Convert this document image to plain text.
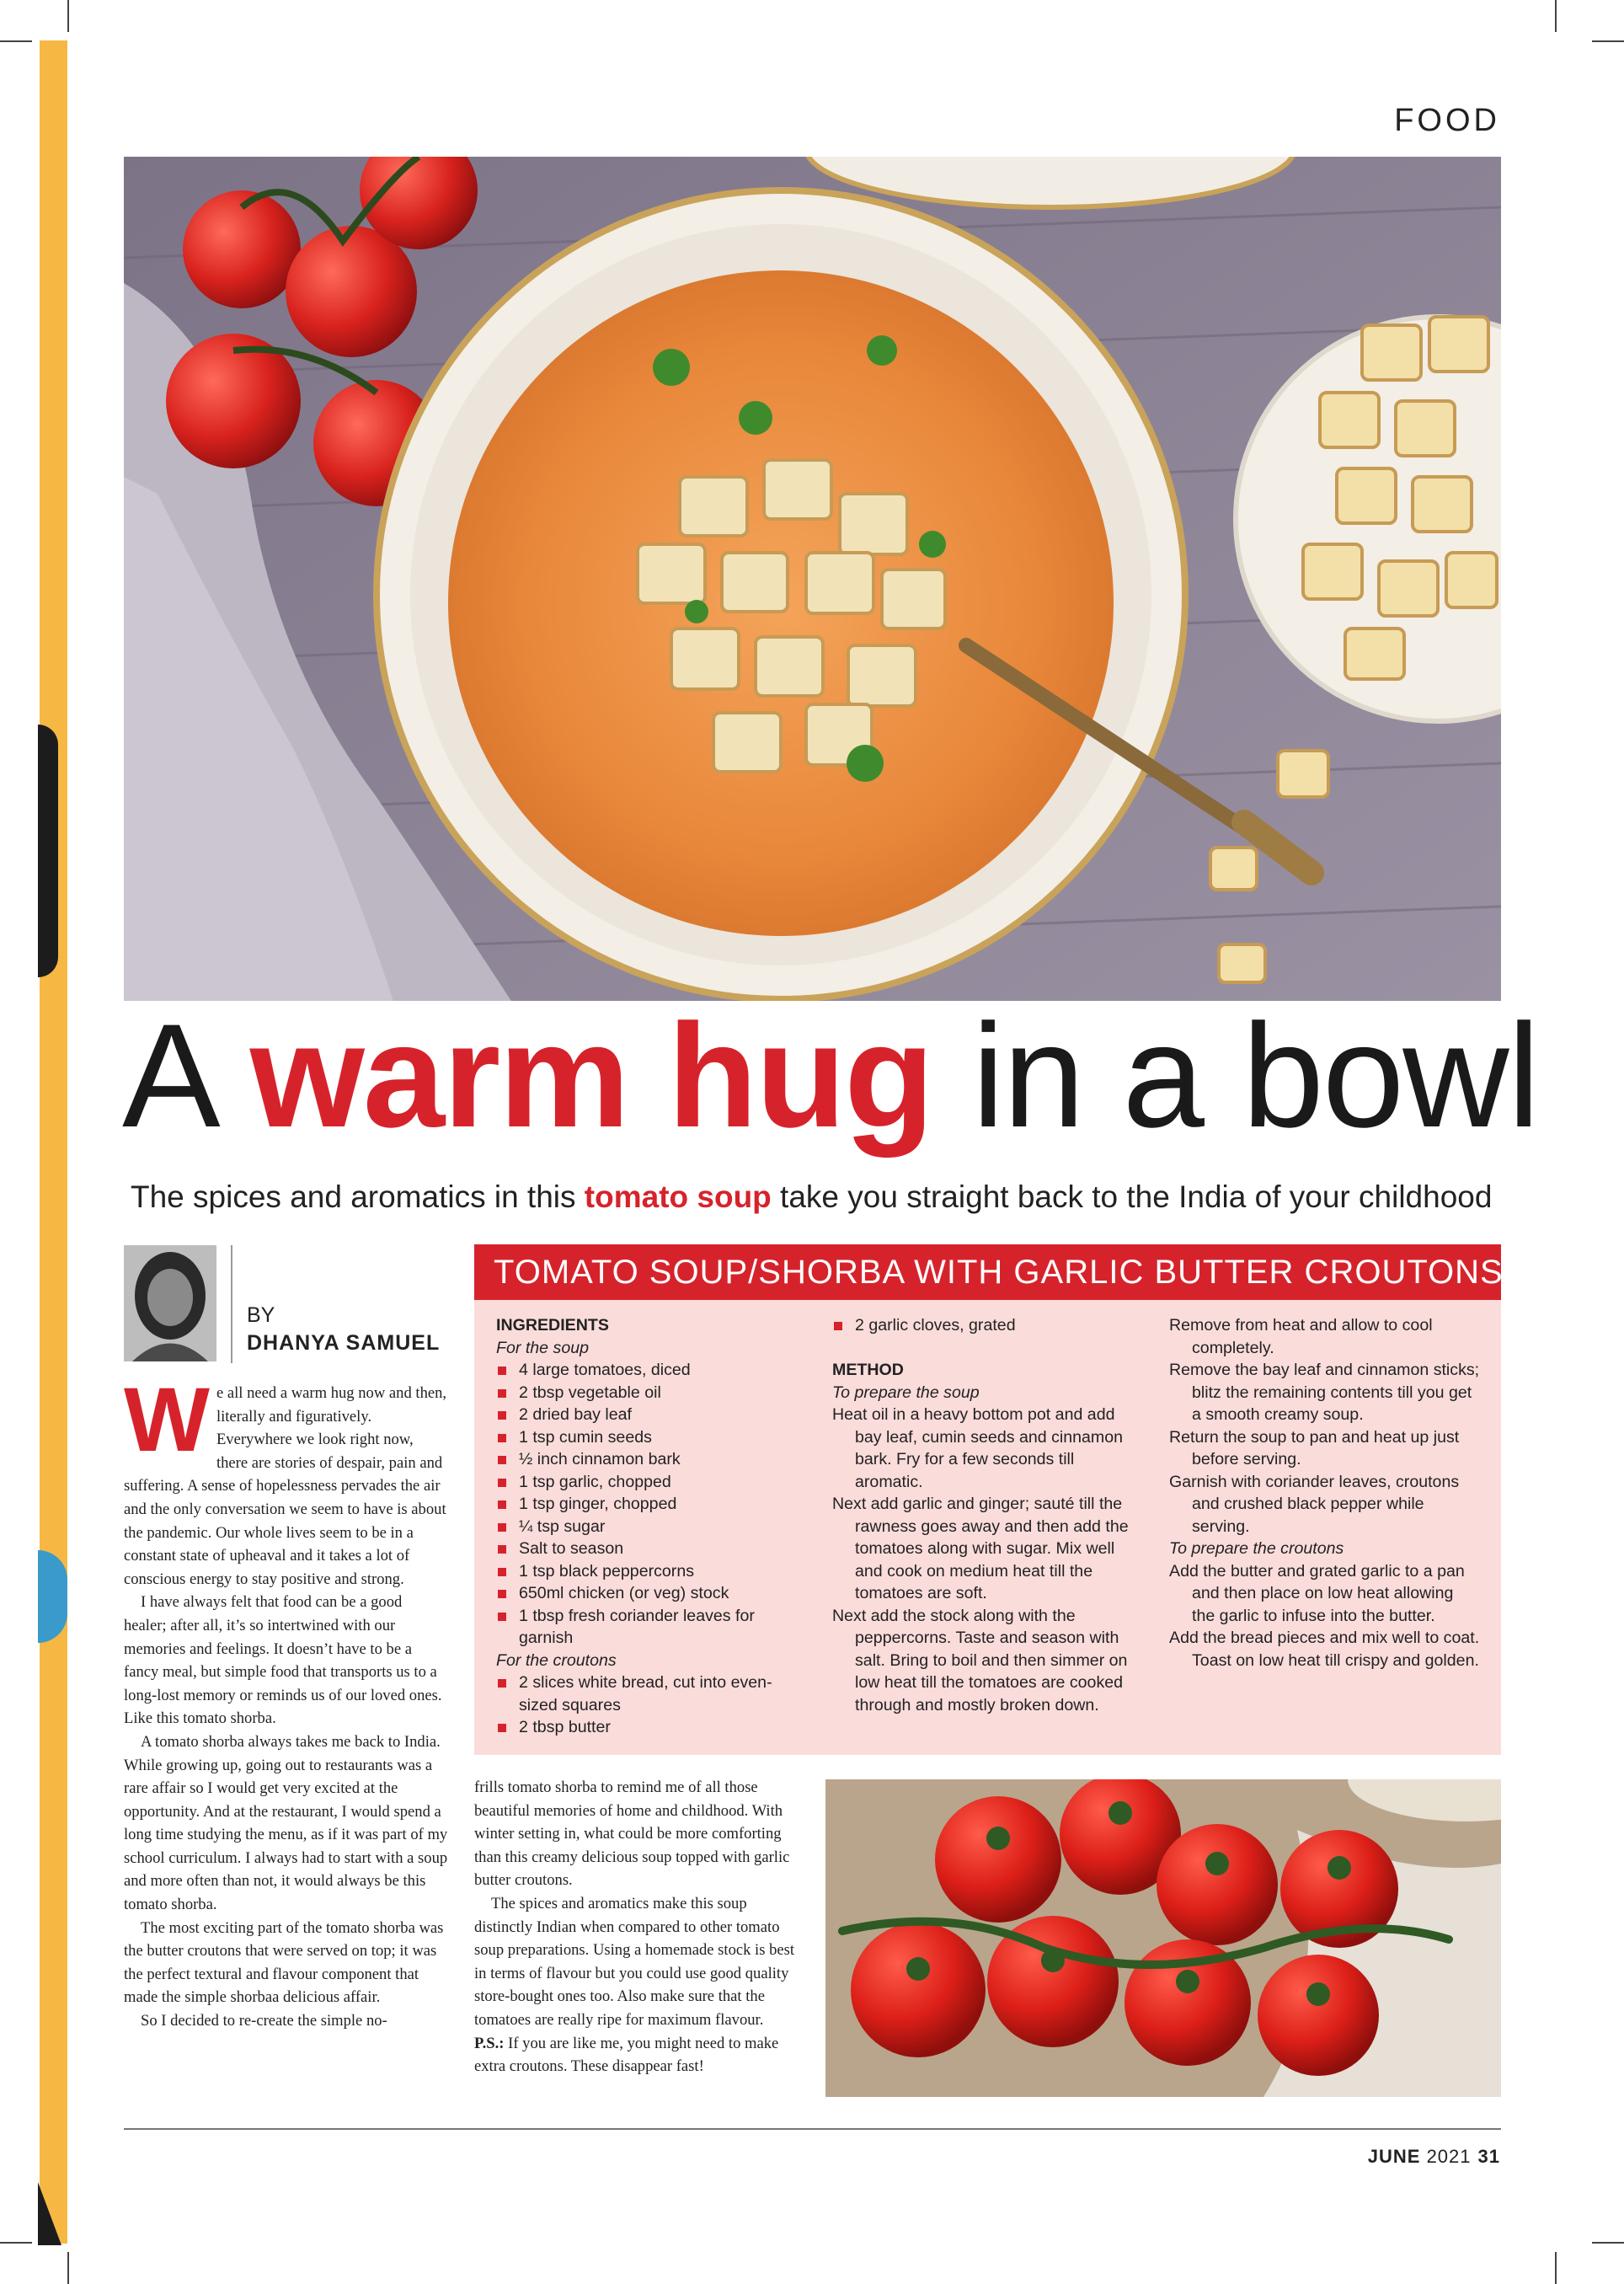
FOOD
A warm hug in a bowl
The spices and aromatics in this tomato soup take you straight back to the India of your childhood
BY
DHANYA SAMUEL

We all need a warm hug now and then, literally and figuratively. Everywhere we look right now, there are stories of despair, pain and suffering. A sense of hopelessness pervades the air and the only conversation we seem to have is about the pandemic. Our whole lives seem to be in a constant state of upheaval and it takes a lot of conscious energy to stay positive and strong.

I have always felt that food can be a good healer; after all, it’s so intertwined with our memories and feelings. It doesn’t have to be a fancy meal, but simple food that transports us to a long-lost memory or reminds us of our loved ones. Like this tomato shorba.

A tomato shorba always takes me back to India. While growing up, going out to restaurants was a rare affair so I would get very excited at the opportunity. And at the restaurant, I would spend a long time studying the menu, as if it was part of my school curriculum. I always had to start with a soup and more often than not, it would always be this tomato shorba.

The most exciting part of the tomato shorba was the butter croutons that were served on top; it was the perfect textural and flavour component that made the simple shorbaa delicious affair.

So I decided to re-create the simple no-

frills tomato shorba to remind me of all those beautiful memories of home and childhood. With winter setting in, what could be more comforting than this creamy delicious soup topped with garlic butter croutons.

The spices and aromatics make this soup distinctly Indian when compared to other tomato soup preparations. Using a homemade stock is best in terms of flavour but you could use good quality store-bought ones too. Also make sure that the tomatoes are really ripe for maximum flavour.

P.S.: If you are like me, you might need to make extra croutons. These disappear fast!

TOMATO SOUP/SHORBA WITH GARLIC BUTTER CROUTONS
INGREDIENTS
For the soup
4 large tomatoes, diced
2 tbsp vegetable oil
2 dried bay leaf
1 tsp cumin seeds
½ inch cinnamon bark
1 tsp garlic, chopped
1 tsp ginger, chopped
¼ tsp sugar
Salt to season
1 tsp black peppercorns
650ml chicken (or veg) stock
1 tbsp fresh coriander leaves for garnish
For the croutons
2 slices white bread, cut into even-sized squares
2 tbsp butter
2 garlic cloves, grated
METHOD
To prepare the soup
Heat oil in a heavy bottom pot and add bay leaf, cumin seeds and cinnamon bark. Fry for a few seconds till aromatic.
Next add garlic and ginger; sauté till the rawness goes away and then add the tomatoes along with sugar. Mix well and cook on medium heat till the tomatoes are soft.
Next add the stock along with the peppercorns. Taste and season with salt. Bring to boil and then simmer on low heat till the tomatoes are cooked through and mostly broken down.
Remove from heat and allow to cool completely.
Remove the bay leaf and cinnamon sticks; blitz the remaining contents till you get a smooth creamy soup.
Return the soup to pan and heat up just before serving.
Garnish with coriander leaves, croutons and crushed black pepper while serving.
To prepare the croutons
Add the butter and grated garlic to a pan and then place on low heat allowing the garlic to infuse into the butter.
Add the bread pieces and mix well to coat. Toast on low heat till crispy and golden.
JUNE 2021 31
